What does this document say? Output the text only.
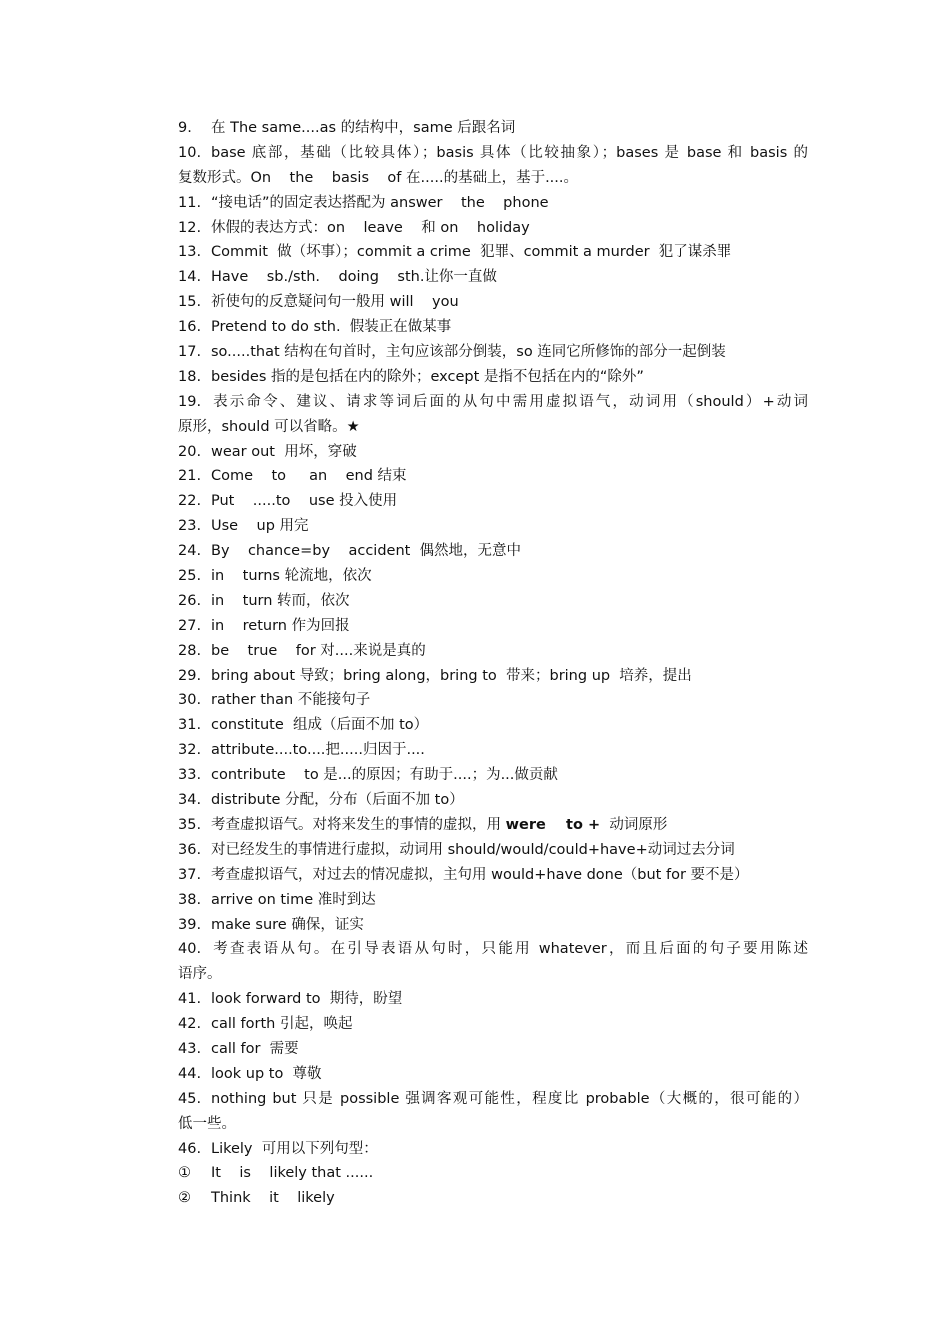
9. 在 The same....as 的结构中，same 后跟名词
10. base 底部，基础（比较具体）；basis 具体（比较抽象）；bases 是 base 和 basis 的
复数形式。On    the    basis    of 在.....的基础上，基于....。
11. “接电话”的固定表达搭配为 answer    the    phone
12. 休假的表达方式：on    leave    和 on    holiday
13. Commit  做（坏事）；commit a crime  犯罪、commit a murder  犯了谋杀罪
14. Have    sb./sth.    doing    sth.让你一直做
15. 祈使句的反意疑问句一般用 will    you
16. Pretend to do sth.  假装正在做某事
17. so.....that 结构在句首时，主句应该部分倒装，so 连同它所修饰的部分一起倒装
18. besides 指的是包括在内的除外；except 是指不包括在内的“除外”
19. 表示命令、建议、请求等词后面的从句中需用虚拟语气，动词用（should）+动词
原形，should 可以省略。★
20. wear out  用坏，穿破
21. Come    to     an    end 结束
22. Put    .....to    use 投入使用
23. Use    up 用完
24. By    chance=by    accident  偶然地，无意中
25. in    turns 轮流地，依次
26. in    turn 转而，依次
27. in    return 作为回报
28. be    true    for 对....来说是真的
29. bring about 导致；bring along，bring to  带来；bring up  培养，提出
30. rather than 不能接句子
31. constitute  组成（后面不加 to）
32. attribute....to....把.....归因于....
33. contribute    to 是...的原因；有助于....；为...做贡献
34. distribute 分配，分布（后面不加 to）
35. 考查虚拟语气。对将来发生的事情的虚拟，用 were    to +  动词原形
36. 对已经发生的事情进行虚拟，动词用 should/would/could+have+动词过去分词
37. 考查虚拟语气，对过去的情况虚拟，主句用 would+have done（but for 要不是）
38. arrive on time 准时到达
39. make sure 确保，证实
40. 考查表语从句。在引导表语从句时，只能用 whatever，而且后面的句子要用陈述
语序。
41. look forward to  期待，盼望
42. call forth 引起，唤起
43. call for  需要
44. look up to  尊敬
45. nothing but 只是 possible 强调客观可能性，程度比 probable（大概的，很可能的）
低一些。
46. Likely  可用以下列句型：
① It    is    likely that ......
② Think    it    likely
